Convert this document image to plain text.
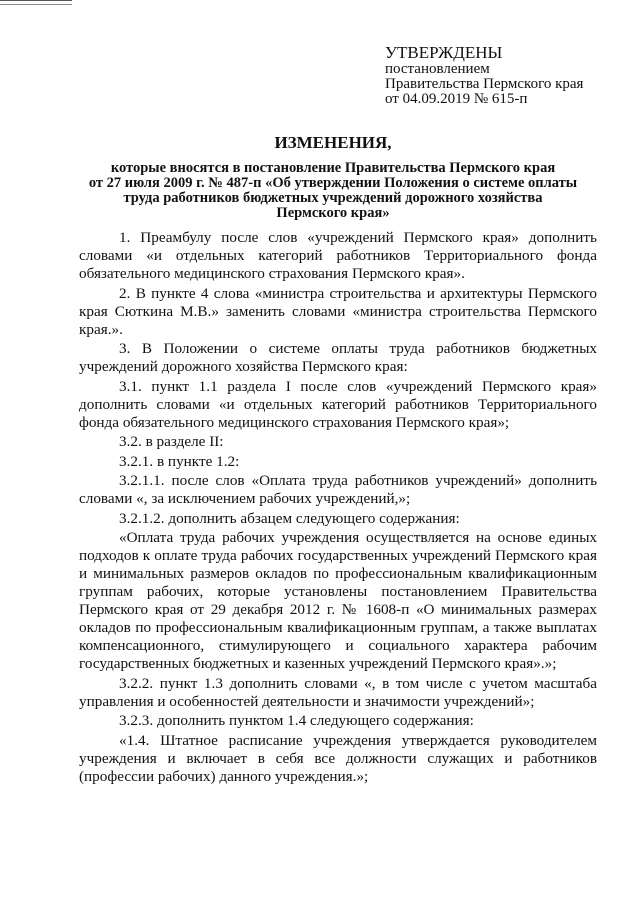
УТВЕРЖДЕНЫ
постановлением
Правительства Пермского края
от 04.09.2019 № 615-п
ИЗМЕНЕНИЯ,
которые вносятся в постановление Правительства Пермского края
от 27 июля 2009 г. № 487-п «Об утверждении Положения о системе оплаты
труда работников бюджетных учреждений дорожного хозяйства
Пермского края»

1. Преамбулу после слов «учреждений Пермского края» дополнить словами «и отдельных категорий работников Территориального фонда обязательного медицинского страхования Пермского края».

2. В пункте 4 слова «министра строительства и архитектуры Пермского края Сюткина М.В.» заменить словами «министра строительства Пермского края.».

3. В Положении о системе оплаты труда работников бюджетных учреждений дорожного хозяйства Пермского края:

3.1. пункт 1.1 раздела I после слов «учреждений Пермского края» дополнить словами «и отдельных категорий работников Территориального фонда обязательного медицинского страхования Пермского края»;

3.2. в разделе II:

3.2.1. в пункте 1.2:

3.2.1.1. после слов «Оплата труда работников учреждений» дополнить словами «, за исключением рабочих учреждений,»;

3.2.1.2. дополнить абзацем следующего содержания:

«Оплата труда рабочих учреждения осуществляется на основе единых подходов к оплате труда рабочих государственных учреждений Пермского края и минимальных размеров окладов по профессиональным квалификационным группам рабочих, которые установлены постановлением Правительства Пермского края от 29 декабря 2012 г. № 1608-п «О минимальных размерах окладов по профессиональным квалификационным группам, а также выплатах компенсационного, стимулирующего и социального характера рабочим государственных бюджетных и казенных учреждений Пермского края».»;

3.2.2. пункт 1.3 дополнить словами «, в том числе с учетом масштаба управления и особенностей деятельности и значимости учреждений»;

3.2.3. дополнить пунктом 1.4 следующего содержания:

«1.4. Штатное расписание учреждения утверждается руководителем учреждения и включает в себя все должности служащих и работников (профессии рабочих) данного учреждения.»;
